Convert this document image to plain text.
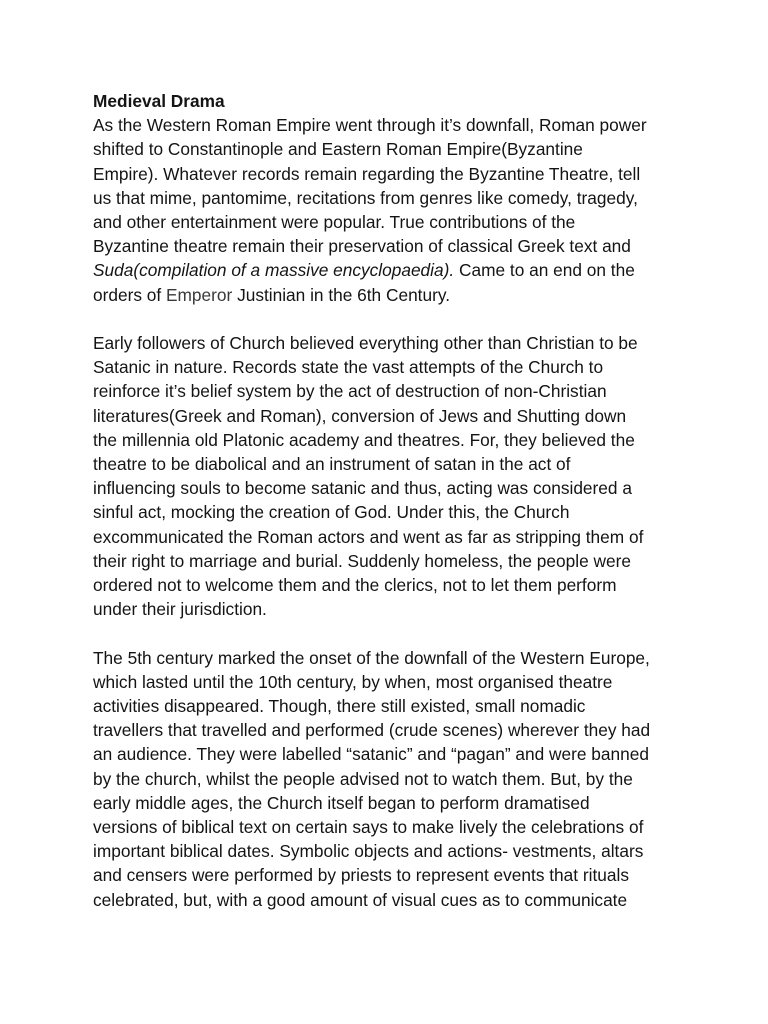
Medieval Drama
As the Western Roman Empire went through it’s downfall, Roman power
shifted to Constantinople and Eastern Roman Empire(Byzantine
Empire). Whatever records remain regarding the Byzantine Theatre, tell
us that mime, pantomime, recitations from genres like comedy, tragedy,
and other entertainment were popular. True contributions of the
Byzantine theatre remain their preservation of classical Greek text and
Suda(compilation of a massive encyclopaedia). Came to an end on the
orders of Emperor Justinian in the 6th Century.
Early followers of Church believed everything other than Christian to be
Satanic in nature. Records state the vast attempts of the Church to
reinforce it’s belief system by the act of destruction of non-Christian
literatures(Greek and Roman), conversion of Jews and Shutting down
the millennia old Platonic academy and theatres. For, they believed the
theatre to be diabolical and an instrument of satan in the act of
influencing souls to become satanic and thus, acting was considered a
sinful act, mocking the creation of God. Under this, the Church
excommunicated the Roman actors and went as far as stripping them of
their right to marriage and burial. Suddenly homeless, the people were
ordered not to welcome them and the clerics, not to let them perform
under their jurisdiction.
The 5th century marked the onset of the downfall of the Western Europe,
which lasted until the 10th century, by when, most organised theatre
activities disappeared. Though, there still existed, small nomadic
travellers that travelled and performed (crude scenes) wherever they had
an audience. They were labelled “satanic” and “pagan” and were banned
by the church, whilst the people advised not to watch them. But, by the
early middle ages, the Church itself began to perform dramatised
versions of biblical text on certain says to make lively the celebrations of
important biblical dates. Symbolic objects and actions- vestments, altars
and censers were performed by priests to represent events that rituals
celebrated, but, with a good amount of visual cues as to communicate
